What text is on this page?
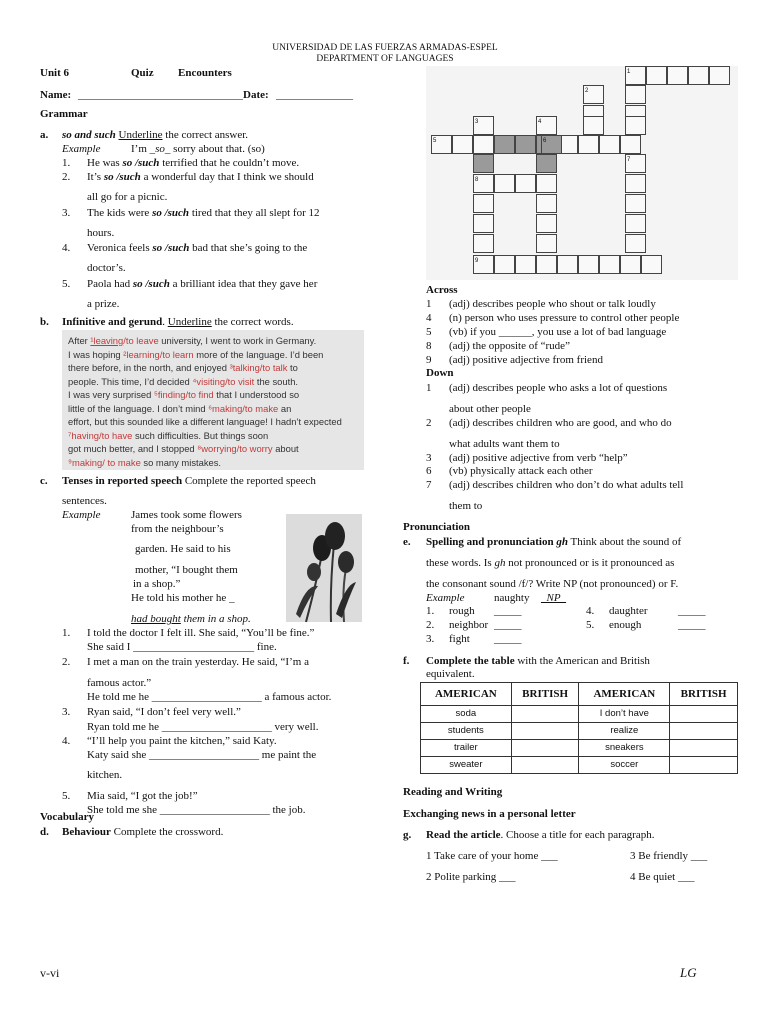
UNIVERSIDAD DE LAS FUERZAS ARMADAS-ESPEL
DEPARTMENT OF LANGUAGES
Unit 6	Quiz Encounters
Name: ______________________________ Date: ______________
Grammar
a. so and such Underline the correct answer.
Example	I’m _so_ sorry about that. (so)
1. He was so /such terrified that he couldn’t move.
2. It’s so /such a wonderful day that I think we should
all go for a picnic.
3. The kids were so /such tired that they all slept for 12
hours.
4. Veronica feels so /such bad that she’s going to the
doctor’s.
5. Paola had so /such a brilliant idea that they gave her
a prize.
b. Infinitive and gerund. Underline the correct words.
After ¹leaving/to leave university, I went to work in Germany.
I was hoping ²learning/to learn more of the language. I’d been
there before, in the north, and enjoyed ³talking/to talk to
people. This time, I’d decided ⁴visiting/to visit the south.
I was very surprised ⁵finding/to find that I understood so
little of the language. I don’t mind ⁶making/to make an
effort, but this sounded like a different language! I hadn’t expected
⁷having/to have such difficulties. But things soon
got much better, and I stopped ⁸worrying/to worry about
⁹making/ to make so many mistakes.
c. Tenses in reported speech Complete the reported speech
sentences.
Example	James took some flowers
from the neighbour’s
garden. He said to his
mother, “I bought them
in a shop.”
He told his mother he _
had bought them in a shop.
1. I told the doctor I felt ill. She said, “You’ll be fine.”
She said I ______________________ fine.
2. I met a man on the train yesterday. He said, “I’m a
famous actor.”
He told me he ____________________ a famous actor.
3. Ryan said, “I don’t feel very well.”
Ryan told me he ____________________ very well.
4. “I’ll help you paint the kitchen,” said Katy.
Katy said she ____________________ me paint the
kitchen.
5. Mia said, “I got the job!”
She told me she ____________________ the job.
Vocabulary
d. Behaviour Complete the crossword.
5
9
3
8
4
2
7
1
6
Across
1 (adj) describes people who shout or talk loudly
4 (n) person who uses pressure to control other people
5 (vb) if you ______, you use a lot of bad language
8 (adj) the opposite of “rude”
9 (adj) positive adjective from friend
Down
1 (adj) describes people who asks a lot of questions
about other people
2 (adj) describes children who are good, and who do
what adults want them to
3 (adj) positive adjective from verb “help”
6 (vb) physically attack each other
7 (adj) describes children who don’t do what adults tell
them to
Pronunciation
e. Spelling and pronunciation gh Think about the sound of
these words. Is gh not pronounced or is it pronounced as
the consonant sound /f/? Write NP (not pronounced) or F.
Example	naughty _NP_
1. rough _____
2. neighbor _____
3. fight _____
4. daughter	_____
5. enough	_____
f. Complete the table with the American and British
equivalent.
AMERICAN	BRITISH	AMERICAN	BRITISH
soda		I don’t have	
students		realize	
trailer		sneakers	
sweater		soccer	
Reading and Writing
Exchanging news in a personal letter
g. Read the article. Choose a title for each paragraph.
1 Take care of your home ___	3 Be friendly ___
2 Polite parking ___	4 Be quiet ___
v-vi	LG
